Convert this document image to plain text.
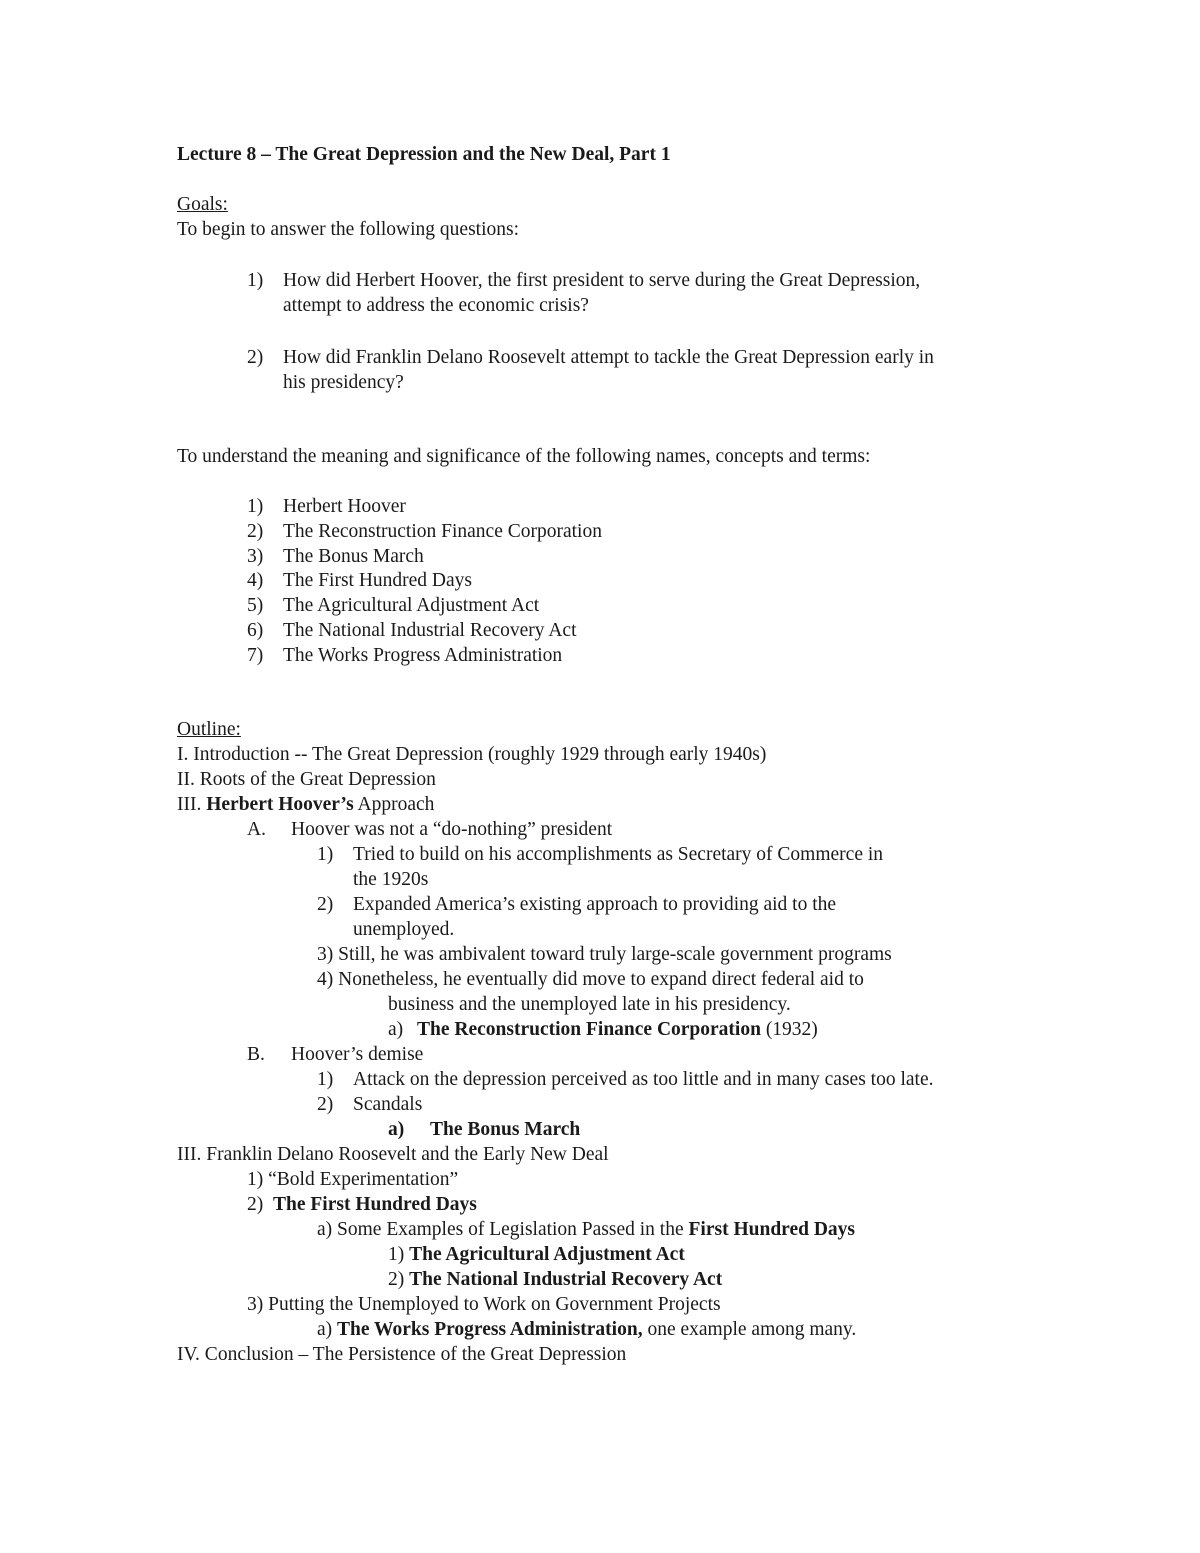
Lecture 8 – The Great Depression and the New Deal, Part 1
Goals:
To begin to answer the following questions:
1) How did Herbert Hoover, the first president to serve during the Great Depression,
attempt to address the economic crisis?
2) How did Franklin Delano Roosevelt attempt to tackle the Great Depression early in
his presidency?
To understand the meaning and significance of the following names, concepts and terms:
1) Herbert Hoover
2) The Reconstruction Finance Corporation
3) The Bonus March
4) The First Hundred Days
5) The Agricultural Adjustment Act
6) The National Industrial Recovery Act
7) The Works Progress Administration
Outline:
I. Introduction -- The Great Depression (roughly 1929 through early 1940s)
II. Roots of the Great Depression
III. Herbert Hoover’s Approach
A. Hoover was not a “do-nothing” president
1) Tried to build on his accomplishments as Secretary of Commerce in
the 1920s
2) Expanded America’s existing approach to providing aid to the
unemployed.
3) Still, he was ambivalent toward truly large-scale government programs
4) Nonetheless, he eventually did move to expand direct federal aid to
business and the unemployed late in his presidency.
a) The Reconstruction Finance Corporation (1932)
B. Hoover’s demise
1) Attack on the depression perceived as too little and in many cases too late.
2) Scandals
a) The Bonus March
III. Franklin Delano Roosevelt and the Early New Deal
1) “Bold Experimentation”
2)  The First Hundred Days
a) Some Examples of Legislation Passed in the First Hundred Days
1) The Agricultural Adjustment Act
2) The National Industrial Recovery Act
3) Putting the Unemployed to Work on Government Projects
a) The Works Progress Administration, one example among many.
IV. Conclusion – The Persistence of the Great Depression
